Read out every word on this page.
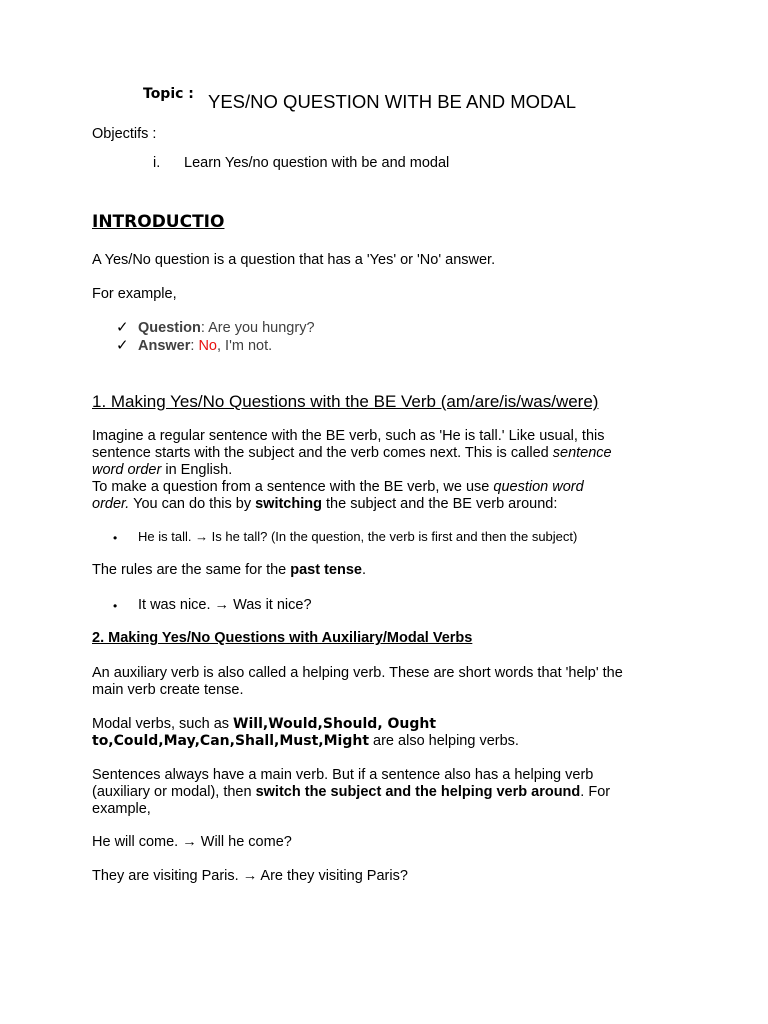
Topic : YES/NO QUESTION WITH BE AND MODAL
Objectifs :
i. Learn Yes/no question with be and modal
INTRODUCTIO
A Yes/No question is a question that has a 'Yes' or 'No' answer.
For example,
✓ Question: Are you hungry?
✓ Answer: No, I'm not.
1. Making Yes/No Questions with the BE Verb (am/are/is/was/were)
Imagine a regular sentence with the BE verb, such as 'He is tall.' Like usual, this
sentence starts with the subject and the verb comes next. This is called sentence
word order in English.
To make a question from a sentence with the BE verb, we use question word
order. You can do this by switching the subject and the BE verb around:
• He is tall. → Is he tall? (In the question, the verb is first and then the subject)
The rules are the same for the past tense.
• It was nice. → Was it nice?
2. Making Yes/No Questions with Auxiliary/Modal Verbs
An auxiliary verb is also called a helping verb. These are short words that 'help' the
main verb create tense.
Modal verbs, such as Will,Would,Should, Ought
to,Could,May,Can,Shall,Must,Might are also helping verbs.
Sentences always have a main verb. But if a sentence also has a helping verb
(auxiliary or modal), then switch the subject and the helping verb around. For
example,
He will come. → Will he come?
They are visiting Paris. → Are they visiting Paris?
